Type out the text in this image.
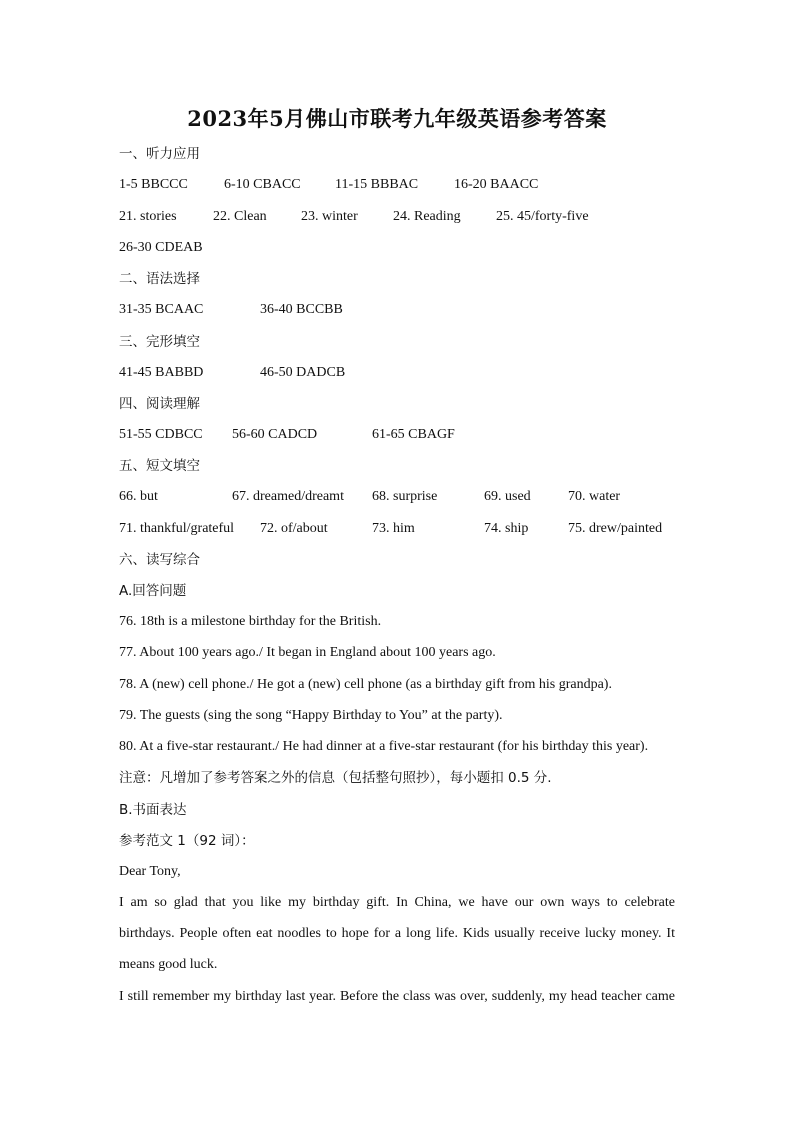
2023年5月佛山市联考九年级英语参考答案
一、听力应用
1-5 BBCCC	6-10 CBACC 11-15 BBBAC	16-20 BAACC
21. stories	22. Clean 23. winter	24. Reading	25. 45/forty-five
26-30 CDEAB
二、语法选择
31-35 BCAAC	36-40 BCCBB
三、完形填空
41-45 BABBD	46-50 DADCB
四、阅读理解
51-55 CDBCC 56-60 CADCD	61-65 CBAGF
五、短文填空
66. but	67. dreamed/dreamt 68. surprise	69. used	70. water
71. thankful/grateful 72. of/about	73. him	74. ship	75. drew/painted
六、读写综合
A.回答问题
76. 18th is a milestone birthday for the British.
77. About 100 years ago./ It began in England about 100 years ago.
78. A (new) cell phone./ He got a (new) cell phone (as a birthday gift from his grandpa).
79. The guests (sing the song “Happy Birthday to You” at the party).
80. At a five-star restaurant./ He had dinner at a five-star restaurant (for his birthday this year).
注意：凡增加了参考答案之外的信息（包括整句照抄），每小题扣 0.5 分.
B.书面表达
参考范文 1（92 词）：
Dear Tony,
I am so glad that you like my birthday gift. In China, we have our own ways to celebrate
birthdays. People often eat noodles to hope for a long life. Kids usually receive lucky money. It
means good luck.
I still remember my birthday last year. Before the class was over, suddenly, my head teacher came
